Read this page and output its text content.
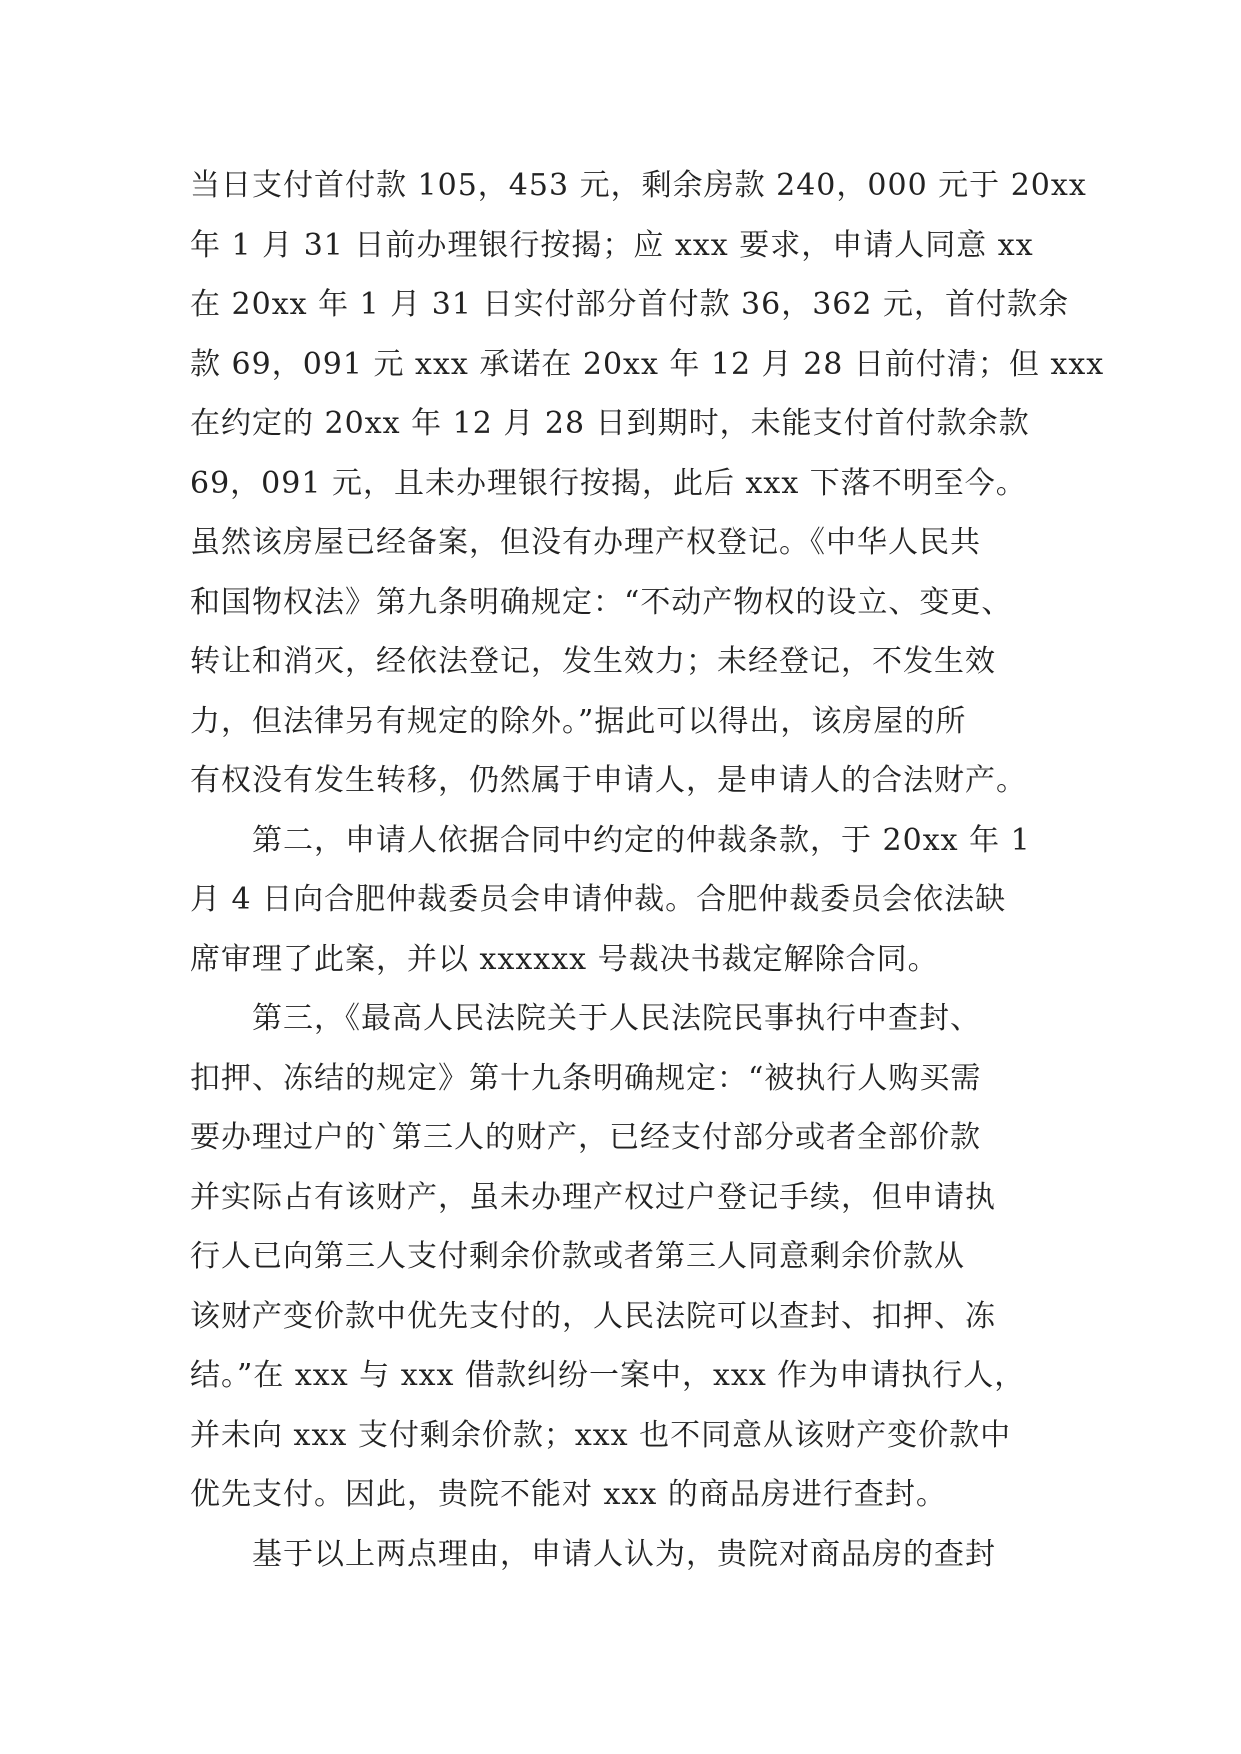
当日支付首付款 105，453 元，剩余房款 240，000 元于 20xx
年 1 月 31 日前办理银行按揭；应 xxx 要求，申请人同意 xx
在 20xx 年 1 月 31 日实付部分首付款 36，362 元，首付款余
款 69，091 元 xxx 承诺在 20xx 年 12 月 28 日前付清；但 xxx
在约定的 20xx 年 12 月 28 日到期时，未能支付首付款余款
69，091 元，且未办理银行按揭，此后 xxx 下落不明至今。
虽然该房屋已经备案，但没有办理产权登记。《中华人民共
和国物权法》第九条明确规定：“不动产物权的设立、变更、
转让和消灭，经依法登记，发生效力；未经登记，不发生效
力，但法律另有规定的除外。”据此可以得出，该房屋的所
有权没有发生转移，仍然属于申请人，是申请人的合法财产。
　　第二，申请人依据合同中约定的仲裁条款，于 20xx 年 1
月 4 日向合肥仲裁委员会申请仲裁。合肥仲裁委员会依法缺
席审理了此案，并以 xxxxxx 号裁决书裁定解除合同。
　　第三，《最高人民法院关于人民法院民事执行中查封、
扣押、冻结的规定》第十九条明确规定：“被执行人购买需
要办理过户的`第三人的财产，已经支付部分或者全部价款
并实际占有该财产，虽未办理产权过户登记手续，但申请执
行人已向第三人支付剩余价款或者第三人同意剩余价款从
该财产变价款中优先支付的，人民法院可以查封、扣押、冻
结。”在 xxx 与 xxx 借款纠纷一案中，xxx 作为申请执行人，
并未向 xxx 支付剩余价款；xxx 也不同意从该财产变价款中
优先支付。因此，贵院不能对 xxx 的商品房进行查封。
　　基于以上两点理由，申请人认为，贵院对商品房的查封
